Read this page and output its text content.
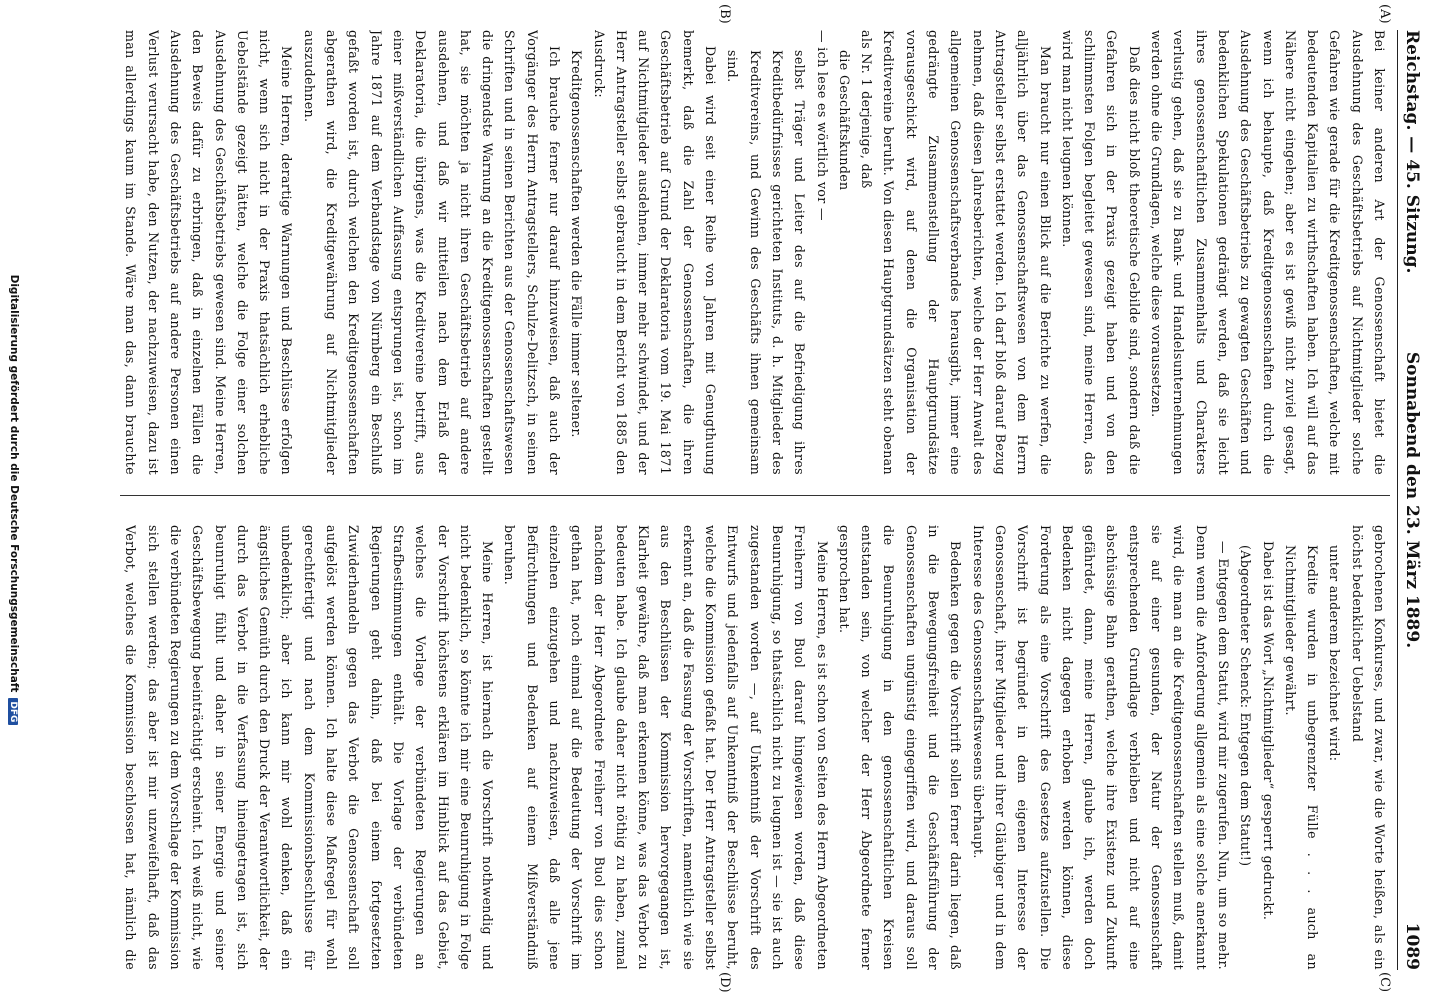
Reichstag. — 45. Sitzung.
Sonnabend den 23. März 1889.
1089
(A)
(B)
(C)
(D)

Bei keiner anderen Art der Genossenschaft bietet die Ausdehnung des Geschäftsbetriebs auf Nichtmitglieder solche Gefahren wie gerade für die Kreditgenossenschaften, welche mit bedeutenden Kapitalien zu wirthschaften haben. Ich will auf das Nähere nicht eingehen; aber es ist gewiß nicht zuviel gesagt, wenn ich behaupte, daß Kreditgenossenschaften durch die Ausdehnung des Geschäftsbetriebs zu gewagten Geschäften und bedenklichen Spekulationen gedrängt werden, daß sie leicht ihres genossenschaftlichen Zusammenhalts und Charakters verlustig gehen, daß sie zu Bank- und Handelsunternehmungen werden ohne die Grundlagen, welche diese voraussetzen.

Daß dies nicht bloß theoretische Gebilde sind, sondern daß die Gefahren sich in der Praxis gezeigt haben und von den schlimmsten Folgen begleitet gewesen sind, meine Herren, das wird man nicht leugnen können.

Man braucht nur einen Blick auf die Berichte zu werfen, die alljährlich über das Genossenschaftswesen von dem Herrn Antragsteller selbst erstattet werden. Ich darf bloß darauf Bezug nehmen, daß diesen Jahresberichten, welche der Herr Anwalt des allgemeinen Genossenschaftsverbandes herausgibt, immer eine gedrängte Zusammenstellung der Hauptgrundsätze vorausgeschickt wird, auf denen die Organisation der Kreditvereine beruht. Von diesen Hauptgrundsätzen steht obenan als Nr. 1 derjenige, daß

die Geschäftskunden

— ich lese es wörtlich vor —

selbst Träger und Leiter des auf die Befriedigung ihres Kreditbedürfnisses gerichteten Instituts, d. h. Mitglieder des Kreditvereins, und Gewinn des Geschäfts ihnen gemeinsam sind.

Dabei wird seit einer Reihe von Jahren mit Genugthuung bemerkt, daß die Zahl der Genossenschaften, die ihren Geschäftsbetrieb auf Grund der Deklaratoria vom 19. Mai 1871 auf Nichtmitglieder ausdehnen, immer mehr schwindet, und der Herr Antragsteller selbst gebraucht in dem Bericht von 1885 den Ausdruck:

Kreditgenossenschaften werden die Fälle immer seltener.

Ich brauche ferner nur darauf hinzuweisen, daß auch der Vorgänger des Herrn Antragstellers, Schulze-Delitzsch, in seinen Schriften und in seinen Berichten aus der Genossenschaftswesen die dringendste Warnung an die Kreditgenossenschaften gestellt hat, sie möchten ja nicht ihren Geschäftsbetrieb auf andere ausdehnen, und daß wir mitteilen nach dem Erlaß der Deklaratoria, die übrigens, was die Kreditvereine betrifft, aus einer mißverständlichen Auffassung entsprungen ist, schon im Jahre 1871 auf dem Verbandstage von Nürnberg ein Beschluß gefaßt worden ist, durch welchen den Kreditgenossenschaften abgerathen wird, die Kreditgewährung auf Nichtmitglieder auszudehnen.

Meine Herren, derartige Warnungen und Beschlüsse erfolgen nicht, wenn sich nicht in der Praxis thatsächlich erhebliche Uebelstände gezeigt hätten, welche die Folge einer solchen Ausdehnung des Geschäftsbetriebs gewesen sind. Meine Herren, den Beweis dafür zu erbringen, daß in einzelnen Fällen die Ausdehnung des Geschäftsbetriebs auf andere Personen einen Verlust verursacht habe, den Nutzen, der nachzuweisen, dazu ist man allerdings kaum im Stande. Wäre man das, dann brauchte

gebrochenen Konkurses, und zwar, wie die Worte heißen, als ein höchst bedenklicher Uebelstand

unter anderem bezeichnet wird:

Kredite wurden in unbegrenzter Fülle . . . auch an Nichtmitglieder gewährt.

Dabei ist das Wort „Nichtmitglieder“ gesperrt gedruckt.

(Abgeordneter Schenck: Entgegen dem Statut!)

— Entgegen dem Statut, wird mir zugerufen. Nun, um so mehr. Denn wenn die Anforderung allgemein als eine solche anerkannt wird, die man an die Kreditgenossenschaften stellen muß, damit sie auf einer gesunden, der Natur der Genossenschaft entsprechenden Grundlage verbleiben und nicht auf eine abschüssige Bahn gerathen, welche ihre Existenz und Zukunft gefährdet, dann, meine Herren, glaube ich, werden doch Bedenken nicht dagegen erhoben werden können, diese Forderung als eine Vorschrift des Gesetzes aufzustellen. Die Vorschrift ist begründet in dem eigenen Interesse der Genossenschaft, ihrer Mitglieder und ihrer Gläubiger und in dem Interesse des Genossenschaftswesens überhaupt.

Bedenken gegen die Vorschrift sollen ferner darin liegen, daß in die Bewegungsfreiheit und die Geschäftsführung der Genossenschaften ungünstig eingegriffen wird, und daraus soll die Beunruhigung in den genossenschaftlichen Kreisen entstanden sein, von welcher der Herr Abgeordnete ferner gesprochen hat.

Meine Herren, es ist schon von Seiten des Herrn Abgeordneten Freiherrn von Buol darauf hingewiesen worden, daß diese Beunruhigung, so thatsächlich nicht zu leugnen ist — sie ist auch zugestanden worden —, auf Unkenntniß der Vorschrift des Entwurfs und jedenfalls auf Unkenntniß der Beschlüsse beruht, welche die Kommission gefaßt hat. Der Herr Antragsteller selbst erkennt an, daß die Fassung der Vorschriften, namentlich wie sie aus den Beschlüssen der Kommission hervorgegangen ist, Klarheit gewähre, daß man erkennen könne, was das Verbot zu bedeuten habe. Ich glaube daher nicht nöthig zu haben, zumal nachdem der Herr Abgeordnete Freiherr von Buol dies schon gethan hat, noch einmal auf die Bedeutung der Vorschrift im einzelnen einzugehen und nachzuweisen, daß alle jene Befürchtungen und Bedenken auf einem Mißverständniß beruhen.

Meine Herren, ist hiernach die Vorschrift nothwendig und nicht bedenklich, so könnte ich mir eine Beunruhigung in Folge der Vorschrift höchstens erklären im Hinblick auf das Gebiet, welches die Vorlage der verbündeten Regierungen an Strafbestimmungen enthält. Die Vorlage der verbündeten Regierungen geht dahin, daß bei einem fortgesetzten Zuwiderhandeln gegen das Verbot die Genossenschaft soll aufgelöst werden können. Ich halte diese Maßregel für wohl gerechtfertigt und nach dem Kommissionsbeschlusse für unbedenklich; aber ich kann mir wohl denken, daß ein ängstliches Gemüth durch den Druck der Verantwortlichkeit, der durch das Verbot in die Verfassung hineingetragen ist, sich beunruhigt fühlt und daher in seiner Energie und seiner Geschäftsbewegung beeinträchtigt erscheint. Ich weiß nicht, wie die verbündeten Regierungen zu dem Vorschlage der Kommission sich stellen werden; das aber ist mir unzweifelhaft, daß das Verbot, welches die Kommission beschlossen hat, nämlich die

Digitalisierung gefördert durch die Deutsche ForschungsgemeinschaftDFG
